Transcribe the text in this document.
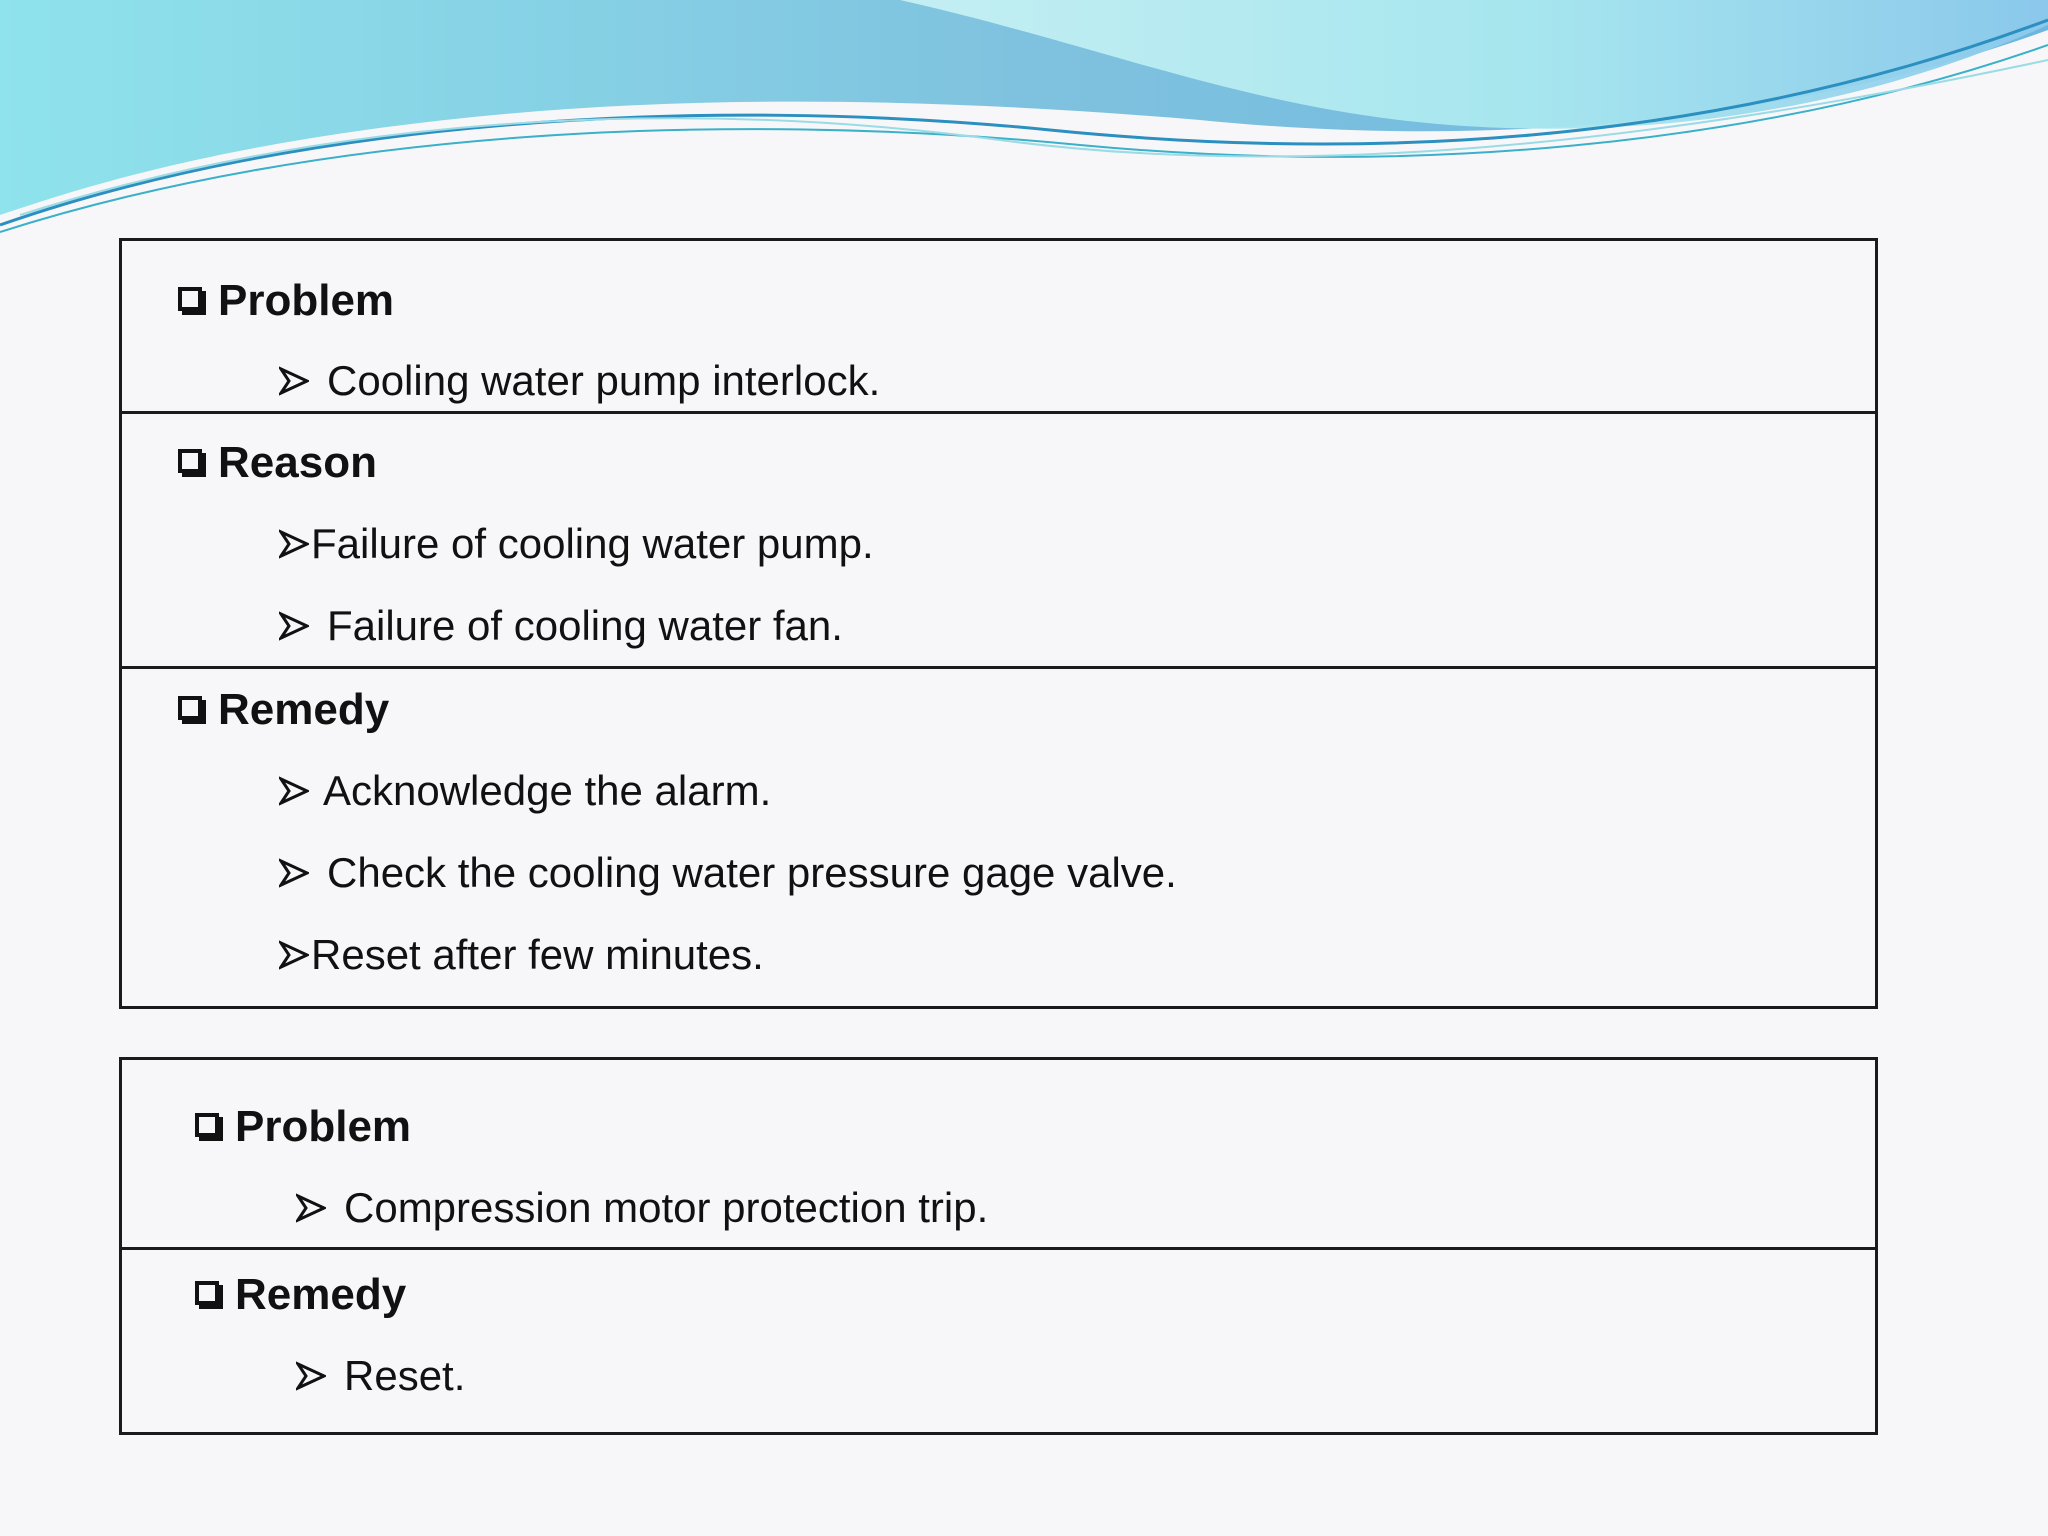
Problem
Cooling water pump interlock.
Reason
Failure of cooling water pump.
Failure of cooling water fan.
Remedy
Acknowledge the alarm.
Check the cooling water pressure gage valve.
Reset after few minutes.
Problem
Compression motor protection trip.
Remedy
Reset.
